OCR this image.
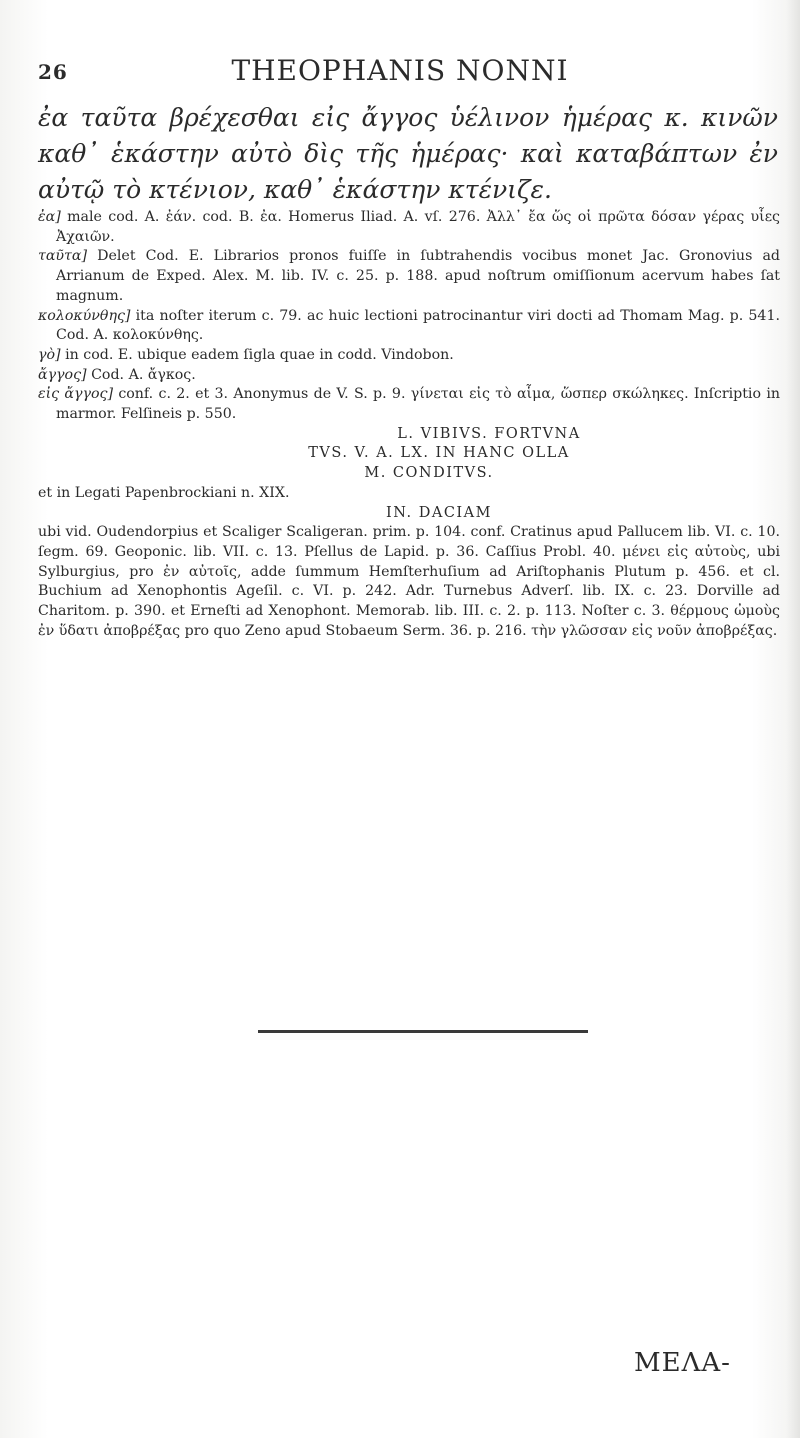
26	THEOPHANIS NONNI
ἐα ταῦτα βρέχεσθαι εἰς ἄγγος ὑέλινον ἡμέρας κ. κινῶν καθ᾿ ἑκάστην αὐτὸ δὶς τῆς ἡμέρας· καὶ καταβάπτων ἐν αὐτῷ τὸ κτένιον, καθ᾿ ἑκάστην κτένιζε.

ἐα] male cod. A. ἐάν. cod. B. ἐα. Homerus Iliad. A. vſ. 276. Ἀλλ᾿ ἔα ὥς οἱ πρῶτα δόσαν γέρας υἷες Ἀχαιῶν.

ταῦτα] Delet Cod. E. Librarios pronos fuiſſe in ſubtrahendis vocibus monet Jac. Gronovius ad Arrianum de Exped. Alex. M. lib. IV. c. 25. p. 188. apud noſtrum omiſſionum acervum habes ſat magnum.

κολοκύνθης] ita noſter iterum c. 79. ac huic lectioni patrocinantur viri docti ad Thomam Mag. p. 541. Cod. A. κολοκύνθης.

γὸ] in cod. E. ubique eadem ſigla quae in codd. Vindobon.

ἄγγος] Cod. A. ἄγκος.

εἰς ἄγγος] conf. c. 2. et 3. Anonymus de V. S. p. 9. γίνεται εἰς τὸ αἷμα, ὥσπερ σκώληκες. Inſcriptio in marmor. Felſineis p. 550.

L. VIBIVS. FORTVNA

TVS. V. A. LX. IN HANC OLLA

M. CONDITVS.

et in Legati Papenbrockiani n. XIX.

IN. DACIAM

ubi vid. Oudendorpius et Scaliger Scaligeran. prim. p. 104. conf. Cratinus apud Pallucem lib. VI. c. 10. ſegm. 69. Geoponic. lib. VII. c. 13. Pſellus de Lapid. p. 36. Caſſius Probl. 40. μένει εἰς αὐτοὺς, ubi Sylburgius, pro ἐν αὐτοῖς, adde ſummum Hemſterhuſium ad Ariſtophanis Plutum p. 456. et cl. Buchium ad Xenophontis Ageſil. c. VI. p. 242. Adr. Turnebus Adverſ. lib. IX. c. 23. Dorville ad Charitom. p. 390. et Erneſti ad Xenophont. Memorab. lib. III. c. 2. p. 113. Noſter c. 3. θέρμους ὠμοὺς ἐν ὕδατι ἀποβρέξας pro quo Zeno apud Stobaeum Serm. 36. p. 216. τὴν γλῶσσαν εἰς νοῦν ἀποβρέξας.

ΜΕΛΑ-
